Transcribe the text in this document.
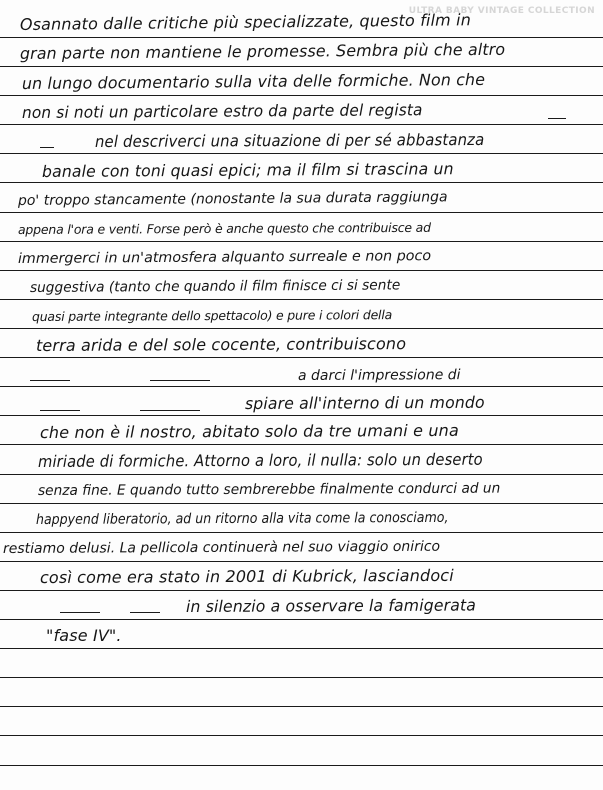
ULTRA BABY VINTAGE COLLECTION
Osannato dalle critiche più specializzate, questo film in
gran parte non mantiene le promesse. Sembra più che altro
un lungo documentario sulla vita delle formiche. Non che
non si noti un particolare estro da parte del regista
nel descriverci una situazione di per sé abbastanza
banale con toni quasi epici; ma il film si trascina un
po' troppo stancamente (nonostante la sua durata raggiunga
appena l'ora e venti. Forse però è anche questo che contribuisce ad
immergerci in un'atmosfera alquanto surreale e non poco
suggestiva (tanto che quando il film finisce ci si sente
quasi parte integrante dello spettacolo) e pure i colori della
terra arida e del sole cocente, contribuiscono
a darci l'impressione di
spiare all'interno di un mondo
che non è il nostro, abitato solo da tre umani e una
miriade di formiche. Attorno a loro, il nulla: solo un deserto
senza fine. E quando tutto sembrerebbe finalmente condurci ad un
happyend liberatorio, ad un ritorno alla vita come la conosciamo,
restiamo delusi. La pellicola continuerà nel suo viaggio onirico
così come era stato in 2001 di Kubrick, lasciandoci
in silenzio a osservare la famigerata
"fase IV".
